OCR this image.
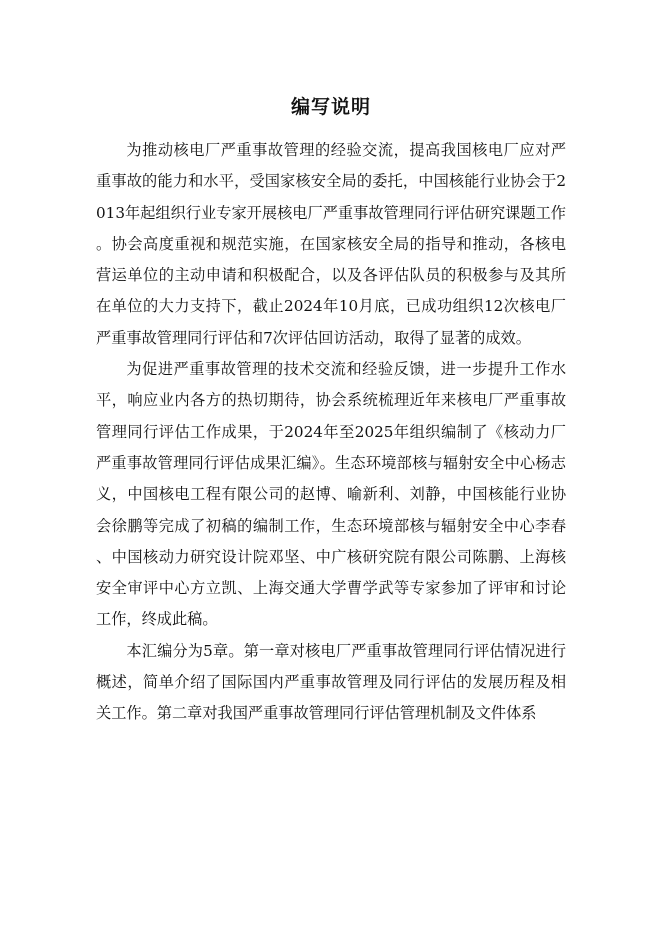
编写说明

为推动核电厂严重事故管理的经验交流，提高我国核电厂应对严重事故的能力和水平，受国家核安全局的委托，中国核能行业协会于2013年起组织行业专家开展核电厂严重事故管理同行评估研究课题工作。协会高度重视和规范实施，在国家核安全局的指导和推动，各核电营运单位的主动申请和积极配合，以及各评估队员的积极参与及其所在单位的大力支持下，截止2024年10月底，已成功组织12次核电厂严重事故管理同行评估和7次评估回访活动，取得了显著的成效。

为促进严重事故管理的技术交流和经验反馈，进一步提升工作水平，响应业内各方的热切期待，协会系统梳理近年来核电厂严重事故管理同行评估工作成果，于2024年至2025年组织编制了《核动力厂严重事故管理同行评估成果汇编》。生态环境部核与辐射安全中心杨志义，中国核电工程有限公司的赵博、喻新利、刘静，中国核能行业协会徐鹏等完成了初稿的编制工作，生态环境部核与辐射安全中心李春、中国核动力研究设计院邓坚、中广核研究院有限公司陈鹏、上海核安全审评中心方立凯、上海交通大学曹学武等专家参加了评审和讨论工作，终成此稿。

本汇编分为5章。第一章对核电厂严重事故管理同行评估情况进行概述，简单介绍了国际国内严重事故管理及同行评估的发展历程及相关工作。第二章对我国严重事故管理同行评估管理机制及文件体系
